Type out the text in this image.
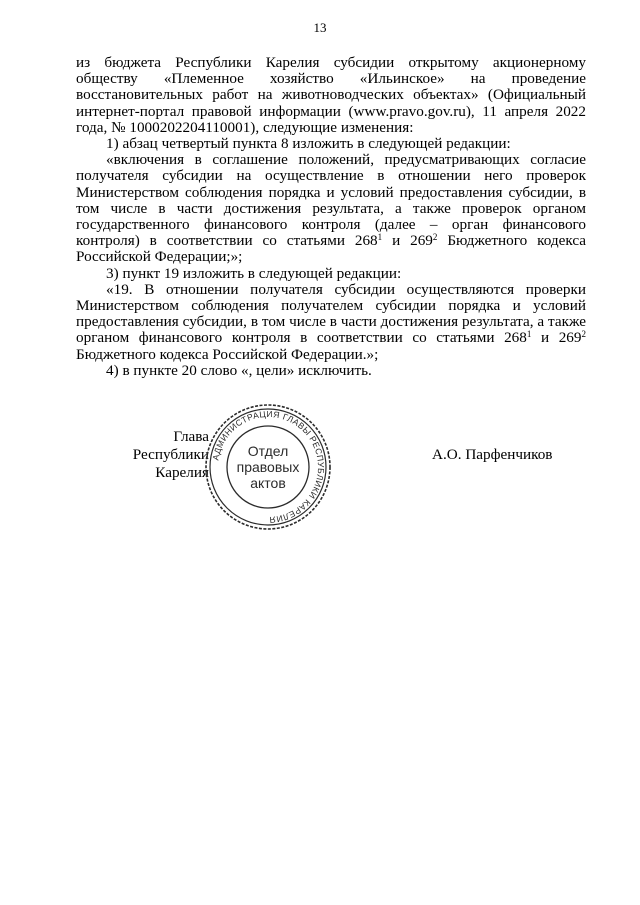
13

из бюджета Республики Карелия субсидии открытому акционерному обществу «Племенное хозяйство «Ильинское» на проведение восстановительных работ на животноводческих объектах» (Официальный интернет-портал правовой информации (www.pravo.gov.ru), 11 апреля 2022 года, № 1000202204110001), следующие изменения:

1) абзац четвертый пункта 8 изложить в следующей редакции:

«включения в соглашение положений, предусматривающих согласие получателя субсидии на осуществление в отношении него проверок Министерством соблюдения порядка и условий предоставления субсидии, в том числе в части достижения результата, а также проверок органом государственного финансового контроля (далее – орган финансового контроля) в соответствии со статьями $268^1$ и $269^2$ Бюджетного кодекса Российской Федерации;»;

3) пункт 19 изложить в следующей редакции:

«19. В отношении получателя субсидии осуществляются проверки Министерством соблюдения получателем субсидии порядка и условий предоставления субсидии, в том числе в части достижения результата, а также органом финансового контроля в соответствии со статьями $268^1$ и $269^2$ Бюджетного кодекса Российской Федерации.»;

4) в пункте 20 слово «, цели» исключить.

Глава
Республики Карелия
АДМИНИСТРАЦИЯ ГЛАВЫ РЕСПУБЛИКИ КАРЕЛИЯ
Отдел
правовых
актов
А.О. Парфенчиков
